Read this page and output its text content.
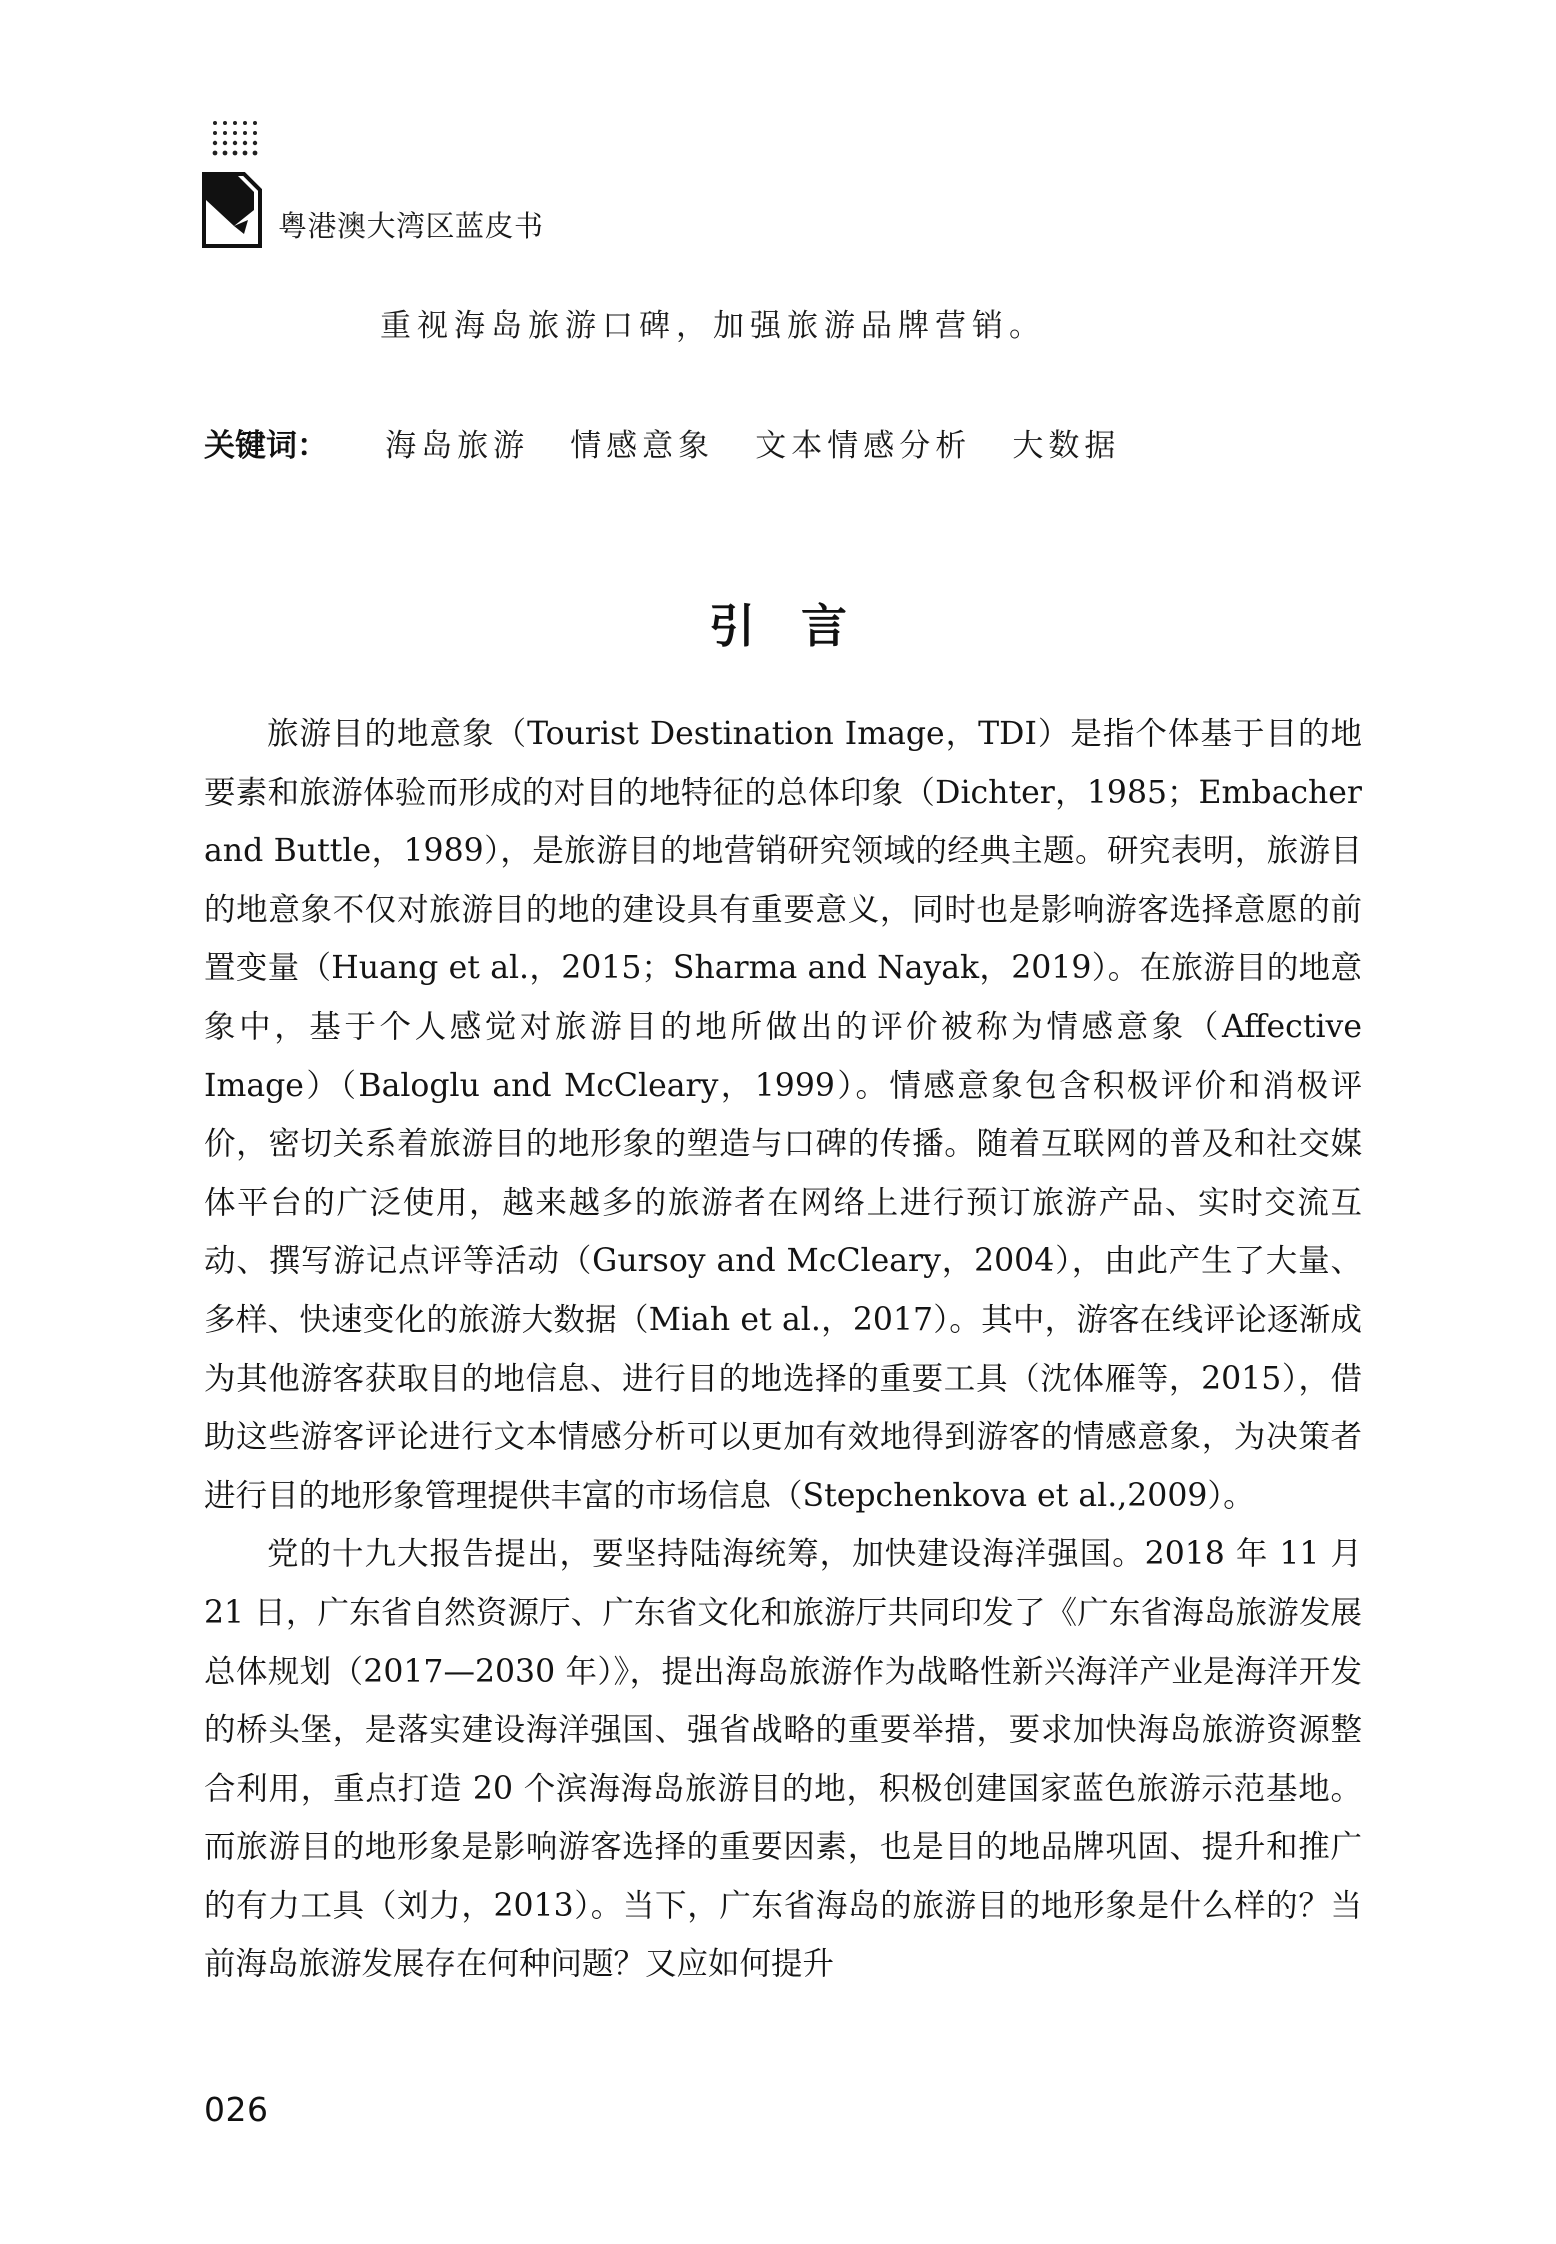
粤港澳大湾区蓝皮书
重视海岛旅游口碑，加强旅游品牌营销。
关键词： 海岛旅游 情感意象 文本情感分析 大数据
引言

旅游目的地意象（Tourist Destination Image，TDI）是指个体基于目的地要素和旅游体验而形成的对目的地特征的总体印象（Dichter，1985；Embacher and Buttle，1989），是旅游目的地营销研究领域的经典主题。研究表明，旅游目的地意象不仅对旅游目的地的建设具有重要意义，同时也是影响游客选择意愿的前置变量（Huang et al.，2015；Sharma and Nayak，2019）。在旅游目的地意象中，基于个人感觉对旅游目的地所做出的评价被称为情感意象（Affective Image）（Baloglu and McCleary，1999）。情感意象包含积极评价和消极评价，密切关系着旅游目的地形象的塑造与口碑的传播。随着互联网的普及和社交媒体平台的广泛使用，越来越多的旅游者在网络上进行预订旅游产品、实时交流互动、撰写游记点评等活动（Gursoy and McCleary，2004），由此产生了大量、多样、快速变化的旅游大数据（Miah et al.，2017）。其中，游客在线评论逐渐成为其他游客获取目的地信息、进行目的地选择的重要工具（沈体雁等，2015），借助这些游客评论进行文本情感分析可以更加有效地得到游客的情感意象，为决策者进行目的地形象管理提供丰富的市场信息（Stepchenkova et al.,2009）。

党的十九大报告提出，要坚持陆海统筹，加快建设海洋强国。2018 年 11 月 21 日，广东省自然资源厅、广东省文化和旅游厅共同印发了《广东省海岛旅游发展总体规划（2017—2030 年）》，提出海岛旅游作为战略性新兴海洋产业是海洋开发的桥头堡，是落实建设海洋强国、强省战略的重要举措，要求加快海岛旅游资源整合利用，重点打造 20 个滨海海岛旅游目的地，积极创建国家蓝色旅游示范基地。而旅游目的地形象是影响游客选择的重要因素，也是目的地品牌巩固、提升和推广的有力工具（刘力，2013）。当下，广东省海岛的旅游目的地形象是什么样的？当前海岛旅游发展存在何种问题？又应如何提升

026
